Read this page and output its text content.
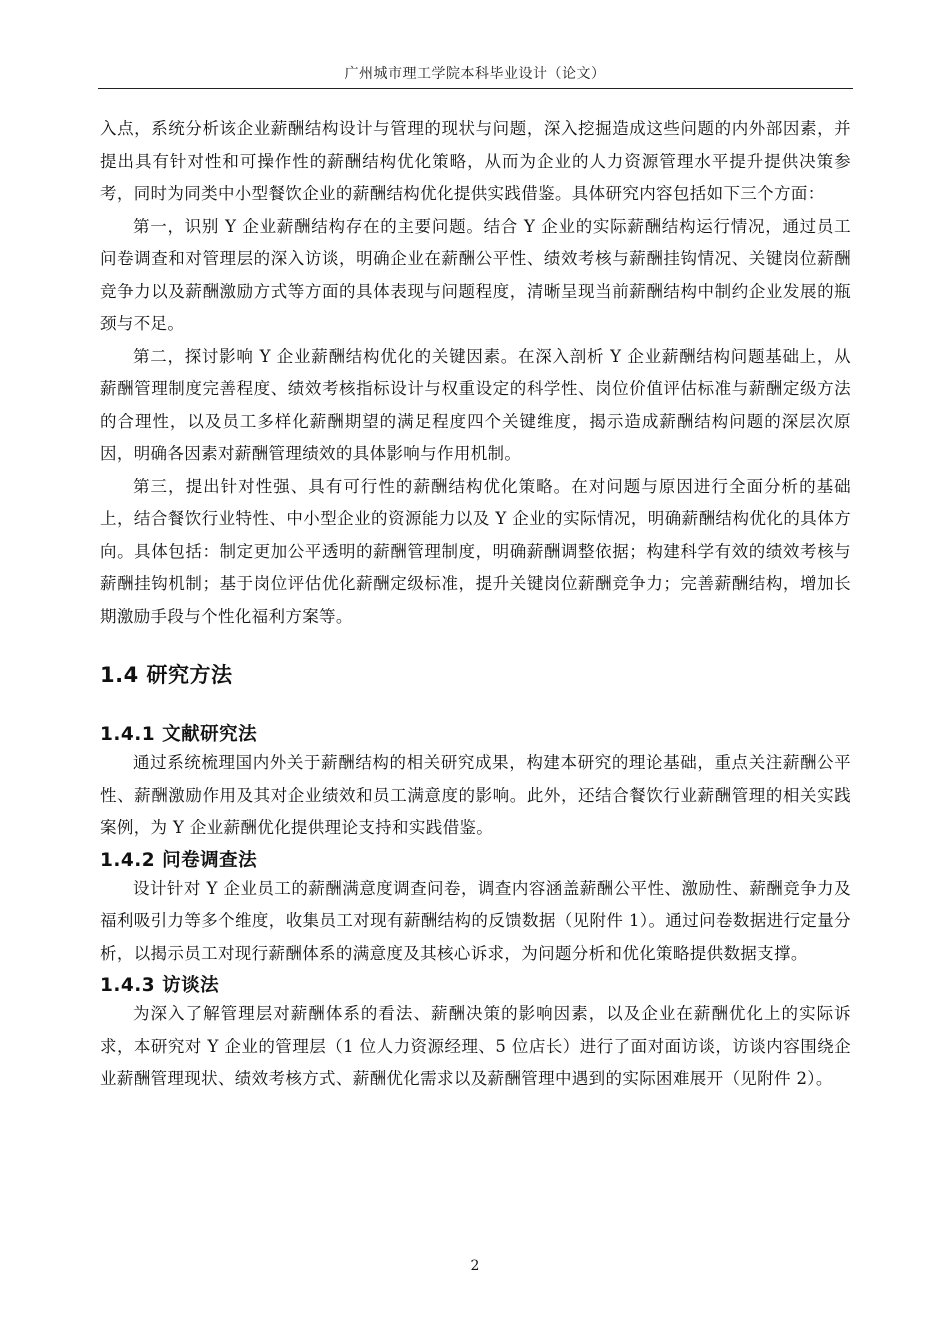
广州城市理工学院本科毕业设计（论文）

入点，系统分析该企业薪酬结构设计与管理的现状与问题，深入挖掘造成这些问题的内外部因素，并提出具有针对性和可操作性的薪酬结构优化策略，从而为企业的人力资源管理水平提升提供决策参考，同时为同类中小型餐饮企业的薪酬结构优化提供实践借鉴。具体研究内容包括如下三个方面：

第一，识别 Y 企业薪酬结构存在的主要问题。结合 Y 企业的实际薪酬结构运行情况，通过员工问卷调查和对管理层的深入访谈，明确企业在薪酬公平性、绩效考核与薪酬挂钩情况、关键岗位薪酬竞争力以及薪酬激励方式等方面的具体表现与问题程度，清晰呈现当前薪酬结构中制约企业发展的瓶颈与不足。

第二，探讨影响 Y 企业薪酬结构优化的关键因素。在深入剖析 Y 企业薪酬结构问题基础上，从薪酬管理制度完善程度、绩效考核指标设计与权重设定的科学性、岗位价值评估标准与薪酬定级方法的合理性，以及员工多样化薪酬期望的满足程度四个关键维度，揭示造成薪酬结构问题的深层次原因，明确各因素对薪酬管理绩效的具体影响与作用机制。

第三，提出针对性强、具有可行性的薪酬结构优化策略。在对问题与原因进行全面分析的基础上，结合餐饮行业特性、中小型企业的资源能力以及 Y 企业的实际情况，明确薪酬结构优化的具体方向。具体包括：制定更加公平透明的薪酬管理制度，明确薪酬调整依据；构建科学有效的绩效考核与薪酬挂钩机制；基于岗位评估优化薪酬定级标准，提升关键岗位薪酬竞争力；完善薪酬结构，增加长期激励手段与个性化福利方案等。

1.4 研究方法
1.4.1 文献研究法

通过系统梳理国内外关于薪酬结构的相关研究成果，构建本研究的理论基础，重点关注薪酬公平性、薪酬激励作用及其对企业绩效和员工满意度的影响。此外，还结合餐饮行业薪酬管理的相关实践案例，为 Y 企业薪酬优化提供理论支持和实践借鉴。

1.4.2 问卷调查法

设计针对 Y 企业员工的薪酬满意度调查问卷，调查内容涵盖薪酬公平性、激励性、薪酬竞争力及福利吸引力等多个维度，收集员工对现有薪酬结构的反馈数据（见附件 1）。通过问卷数据进行定量分析，以揭示员工对现行薪酬体系的满意度及其核心诉求，为问题分析和优化策略提供数据支撑。

1.4.3 访谈法

为深入了解管理层对薪酬体系的看法、薪酬决策的影响因素，以及企业在薪酬优化上的实际诉求，本研究对 Y 企业的管理层（1 位人力资源经理、5 位店长）进行了面对面访谈，访谈内容围绕企业薪酬管理现状、绩效考核方式、薪酬优化需求以及薪酬管理中遇到的实际困难展开（见附件 2）。

2
